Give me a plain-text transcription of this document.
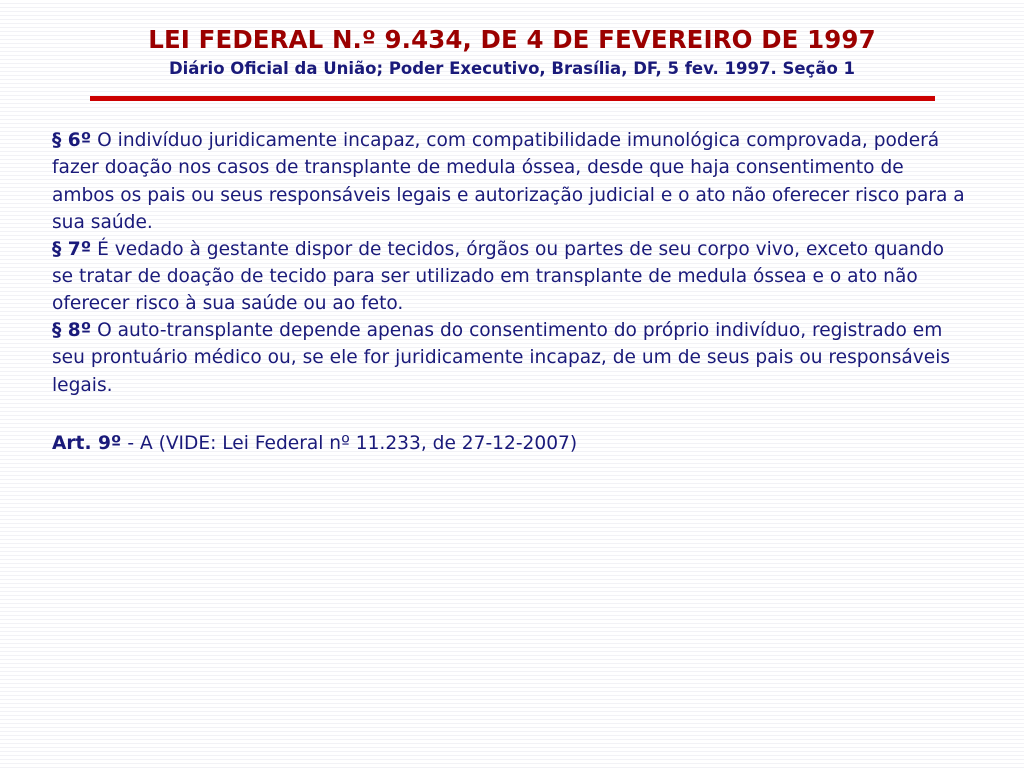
LEI FEDERAL N.º 9.434, DE 4 DE FEVEREIRO DE 1997
Diário Oficial da União; Poder Executivo, Brasília, DF, 5 fev. 1997. Seção 1

§ 6º O indivíduo juridicamente incapaz, com compatibilidade imunológica comprovada, poderá fazer doação nos casos de transplante de medula óssea, desde que haja consentimento de ambos os pais ou seus responsáveis legais e autorização judicial e o ato não oferecer risco para a sua saúde.

§ 7º É vedado à gestante dispor de tecidos, órgãos ou partes de seu corpo vivo, exceto quando se tratar de doação de tecido para ser utilizado em transplante de medula óssea e o ato não oferecer risco à sua saúde ou ao feto.

§ 8º O auto-transplante depende apenas do consentimento do próprio indivíduo, registrado em seu prontuário médico ou, se ele for juridicamente incapaz, de um de seus pais ou responsáveis legais.

Art. 9º - A (VIDE: Lei Federal nº 11.233, de 27-12-2007)
